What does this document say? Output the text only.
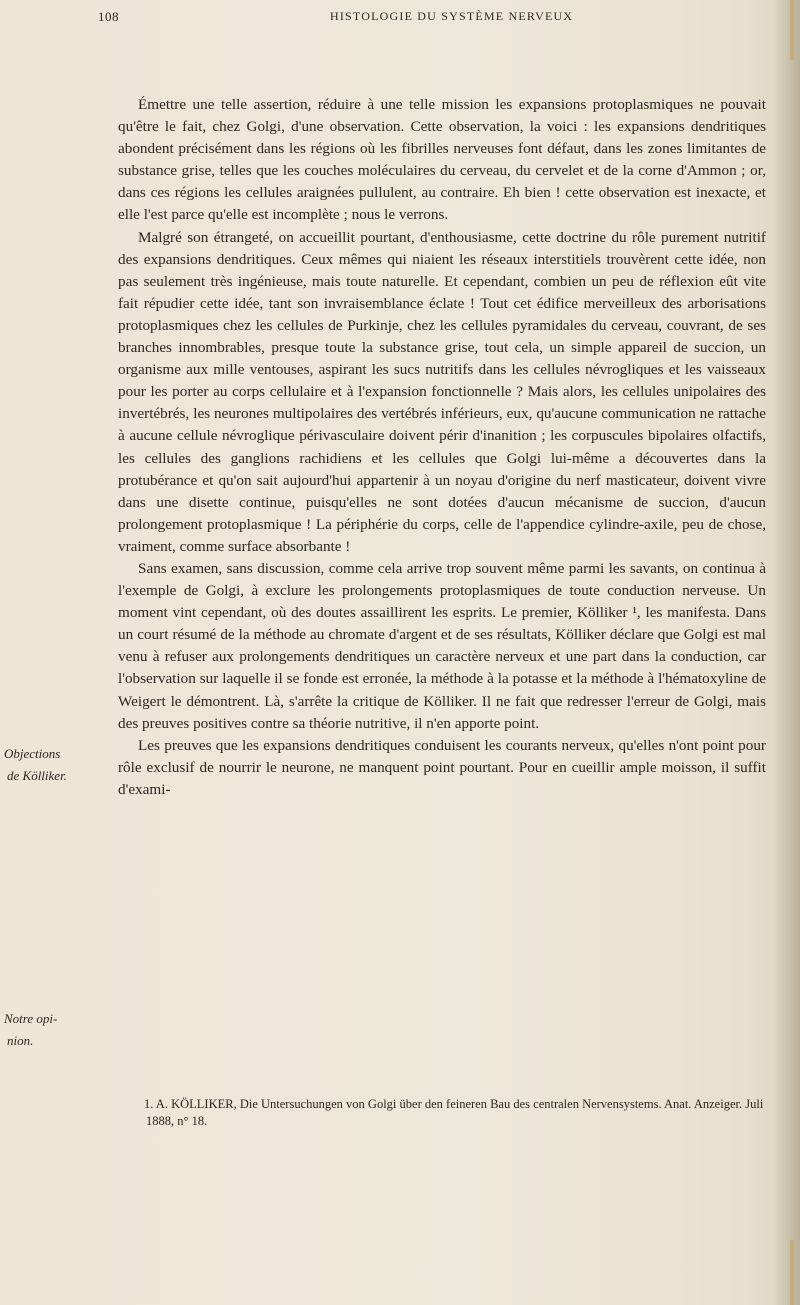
108	HISTOLOGIE DU SYSTÈME NERVEUX
Objections
de Kölliker.
Notre opi-
nion.

Émettre une telle assertion, réduire à une telle mission les expansions protoplasmiques ne pouvait qu'être le fait, chez Golgi, d'une observation. Cette observation, la voici : les expansions dendritiques abondent précisément dans les régions où les fibrilles nerveuses font défaut, dans les zones limitantes de substance grise, telles que les couches moléculaires du cerveau, du cervelet et de la corne d'Ammon ; or, dans ces régions les cellules araignées pullulent, au contraire. Eh bien ! cette observation est inexacte, et elle l'est parce qu'elle est incomplète ; nous le verrons.

Malgré son étrangeté, on accueillit pourtant, d'enthousiasme, cette doctrine du rôle purement nutritif des expansions dendritiques. Ceux mêmes qui niaient les réseaux interstitiels trouvèrent cette idée, non pas seulement très ingénieuse, mais toute naturelle. Et cependant, combien un peu de réflexion eût vite fait répudier cette idée, tant son invraisemblance éclate ! Tout cet édifice merveilleux des arborisations protoplasmiques chez les cellules de Purkinje, chez les cellules pyramidales du cerveau, couvrant, de ses branches innombrables, presque toute la substance grise, tout cela, un simple appareil de succion, un organisme aux mille ventouses, aspirant les sucs nutritifs dans les cellules névrogliques et les vaisseaux pour les porter au corps cellulaire et à l'expansion fonctionnelle ? Mais alors, les cellules unipolaires des invertébrés, les neurones multipolaires des vertébrés inférieurs, eux, qu'aucune communication ne rattache à aucune cellule névroglique périvasculaire doivent périr d'inanition ; les corpuscules bipolaires olfactifs, les cellules des ganglions rachidiens et les cellules que Golgi lui-même a découvertes dans la protubérance et qu'on sait aujourd'hui appartenir à un noyau d'origine du nerf masticateur, doivent vivre dans une disette continue, puisqu'elles ne sont dotées d'aucun mécanisme de succion, d'aucun prolongement protoplasmique ! La périphérie du corps, celle de l'appendice cylindre-axile, peu de chose, vraiment, comme surface absorbante !

Sans examen, sans discussion, comme cela arrive trop souvent même parmi les savants, on continua à l'exemple de Golgi, à exclure les prolongements protoplasmiques de toute conduction nerveuse. Un moment vint cependant, où des doutes assaillirent les esprits. Le premier, Kölliker ¹, les manifesta. Dans un court résumé de la méthode au chromate d'argent et de ses résultats, Kölliker déclare que Golgi est mal venu à refuser aux prolongements dendritiques un caractère nerveux et une part dans la conduction, car l'observation sur laquelle il se fonde est erronée, la méthode à la potasse et la méthode à l'hématoxyline de Weigert le démontrent. Là, s'arrête la critique de Kölliker. Il ne fait que redresser l'erreur de Golgi, mais des preuves positives contre sa théorie nutritive, il n'en apporte point.

Les preuves que les expansions dendritiques conduisent les courants nerveux, qu'elles n'ont point pour rôle exclusif de nourrir le neurone, ne manquent point pourtant. Pour en cueillir ample moisson, il suffit d'exami-

1. A. KÖLLIKER, Die Untersuchungen von Golgi über den feineren Bau des centralen Nervensystems. Anat. Anzeiger. Juli 1888, n° 18.
